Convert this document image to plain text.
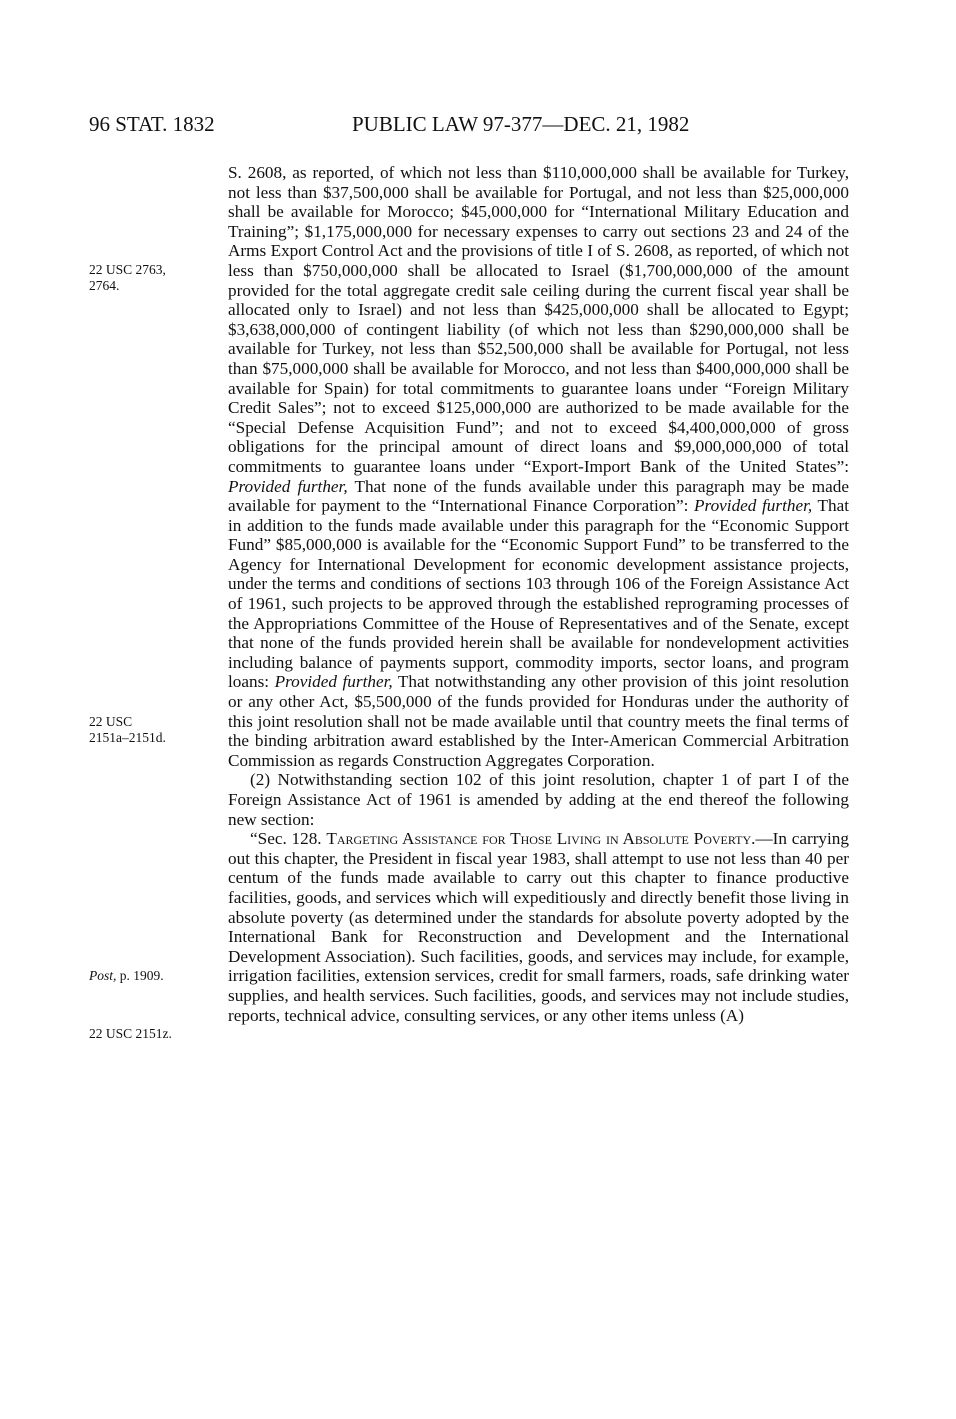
96 STAT. 1832	PUBLIC LAW 97-377—DEC. 21, 1982
22 USC 2763,
2764.
22 USC
2151a–2151d.
Post, p. 1909.
22 USC 2151z.

S. 2608, as reported, of which not less than $110,000,000 shall be available for Turkey, not less than $37,500,000 shall be available for Portugal, and not less than $25,000,000 shall be available for Morocco; $45,000,000 for “International Military Education and Training”; $1,175,000,000 for necessary expenses to carry out sections 23 and 24 of the Arms Export Control Act and the provisions of title I of S. 2608, as reported, of which not less than $750,000,000 shall be allocated to Israel ($1,700,000,000 of the amount provided for the total aggregate credit sale ceiling during the current fiscal year shall be allocated only to Israel) and not less than $425,000,000 shall be allocated to Egypt; $3,638,000,000 of contingent liability (of which not less than $290,000,000 shall be available for Turkey, not less than $52,500,000 shall be available for Portugal, not less than $75,000,000 shall be available for Morocco, and not less than $400,000,000 shall be available for Spain) for total commitments to guarantee loans under “Foreign Military Credit Sales”; not to exceed $125,000,000 are authorized to be made available for the “Special Defense Acquisition Fund”; and not to exceed $4,400,000,000 of gross obligations for the principal amount of direct loans and $9,000,000,000 of total commitments to guarantee loans under “Export-Import Bank of the United States”: Provided further, That none of the funds available under this paragraph may be made available for payment to the “International Finance Corporation”: Provided further, That in addition to the funds made available under this paragraph for the “Economic Support Fund” $85,000,000 is available for the “Economic Support Fund” to be transferred to the Agency for International Development for economic development assistance projects, under the terms and conditions of sections 103 through 106 of the Foreign Assistance Act of 1961, such projects to be approved through the established reprograming processes of the Appropriations Committee of the House of Representatives and of the Senate, except that none of the funds provided herein shall be available for nondevelopment activities including balance of payments support, commodity imports, sector loans, and program loans: Provided further, That notwithstanding any other provision of this joint resolution or any other Act, $5,500,000 of the funds provided for Honduras under the authority of this joint resolution shall not be made available until that country meets the final terms of the binding arbitration award established by the Inter-American Commercial Arbitration Commission as regards Construction Aggregates Corporation.

(2) Notwithstanding section 102 of this joint resolution, chapter 1 of part I of the Foreign Assistance Act of 1961 is amended by adding at the end thereof the following new section:

“Sec. 128. Targeting Assistance for Those Living in Absolute Poverty.—In carrying out this chapter, the President in fiscal year 1983, shall attempt to use not less than 40 per centum of the funds made available to carry out this chapter to finance productive facilities, goods, and services which will expeditiously and directly benefit those living in absolute poverty (as determined under the standards for absolute poverty adopted by the International Bank for Reconstruction and Development and the International Development Association). Such facilities, goods, and services may include, for example, irrigation facilities, extension services, credit for small farmers, roads, safe drinking water supplies, and health services. Such facilities, goods, and services may not include studies, reports, technical advice, consulting services, or any other items unless (A)
